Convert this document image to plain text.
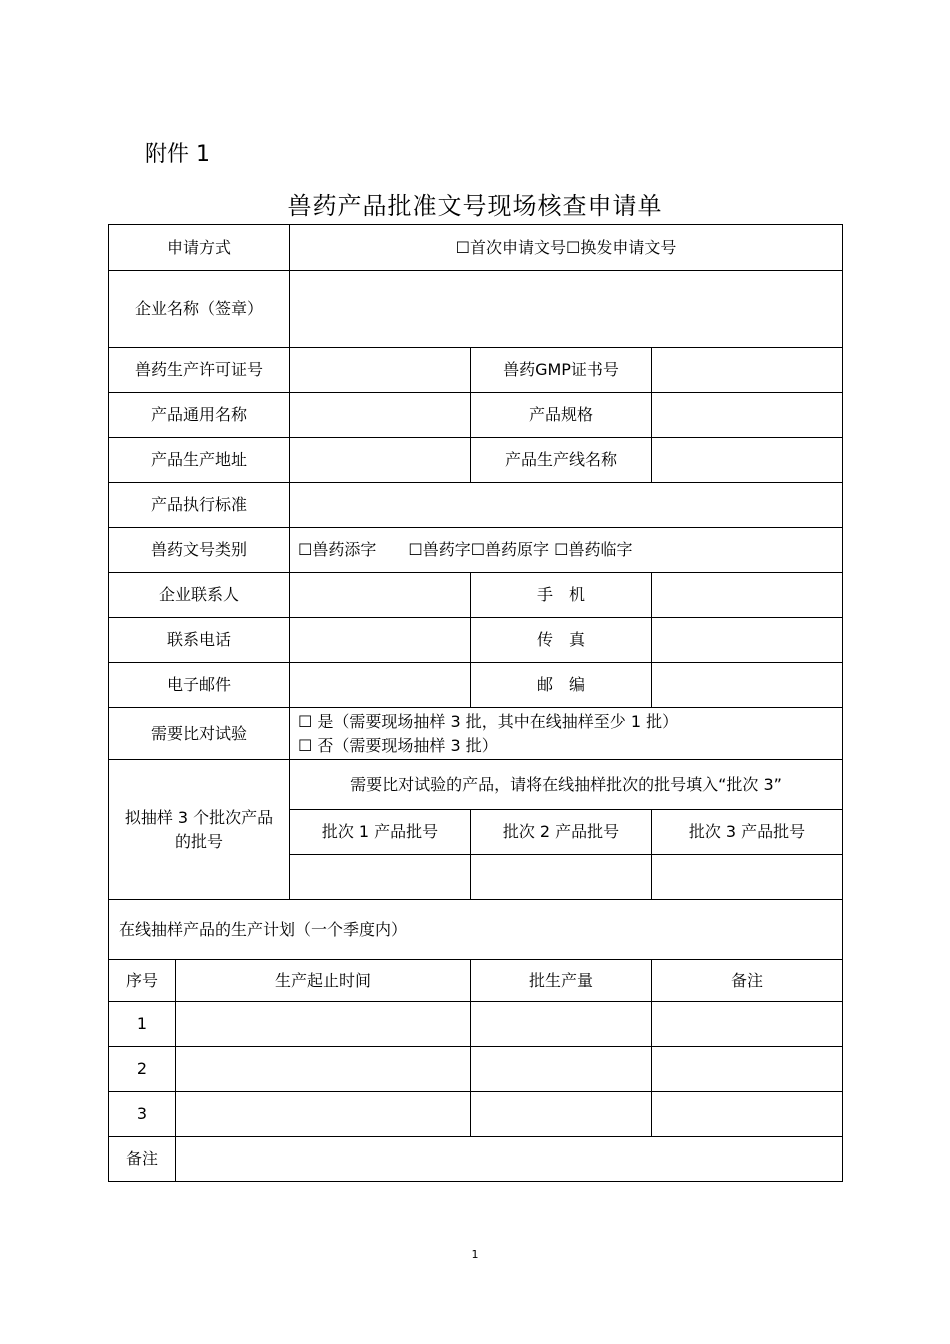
附件 1
兽药产品批准文号现场核查申请单
申请方式		☐首次申请文号☐换发申请文号		
企业名称（签章）				
兽药生产许可证号			兽药GMP证书号	
产品通用名称			产品规格	
产品生产地址			产品生产线名称	
产品执行标准				
兽药文号类别		☐兽药添字　　☐兽药字☐兽药原字 ☐兽药临字		
企业联系人			手　机	
联系电话			传　真	
电子邮件			邮　编	
需要比对试验		☐ 是（需要现场抽样 3 批，其中在线抽样至少 1 批）
☐ 否（需要现场抽样 3 批）		

拟抽样 3 个批次产品的批号		需要比对试验的产品，请将在线抽样批次的批号填入“批次 3”		
		批次 1 产品批号	批次 2 产品批号	批次 3 产品批号

在线抽样产品的生产计划（一个季度内）				
序号	生产起止时间		批生产量	备注
1				
2				
3				
备注				
1
